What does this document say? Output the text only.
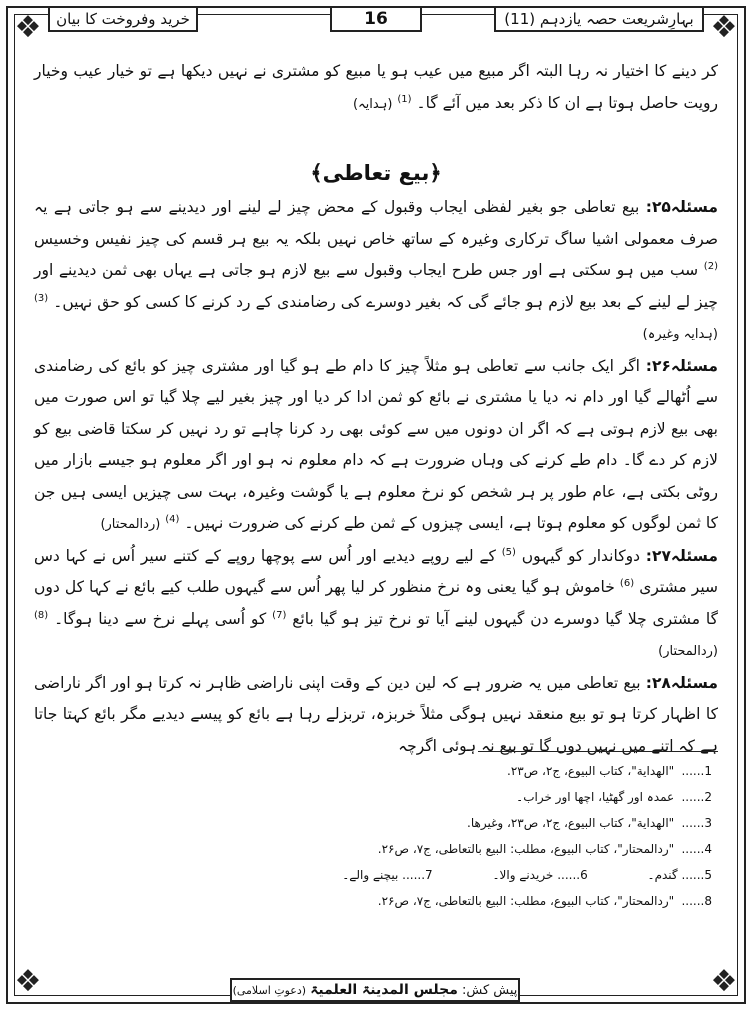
❖	❖
❖	❖
بہارِشریعت حصہ یازدہم (11)
16
خرید وفروخت کا بیان

کر دینے کا اختیار نہ رہا البتہ اگر مبیع میں عیب ہو یا مبیع کو مشتری نے نہیں دیکھا ہے تو خیار عیب وخیار رویت حاصل ہوتا ہے ان کا ذکر بعد میں آئے گا۔ $^{(1)}$ (ہدایہ)

﴿بیع تعاطی﴾

مسئلہ۲۵: بیع تعاطی جو بغیر لفظی ایجاب وقبول کے محض چیز لے لینے اور دیدینے سے ہو جاتی ہے یہ صرف معمولی اشیا ساگ ترکاری وغیرہ کے ساتھ خاص نہیں بلکہ یہ بیع ہر قسم کی چیز نفیس وخسیس $^{(2)}$ سب میں ہو سکتی ہے اور جس طرح ایجاب وقبول سے بیع لازم ہو جاتی ہے یہاں بھی ثمن دیدینے اور چیز لے لینے کے بعد بیع لازم ہو جائے گی کہ بغیر دوسرے کی رضامندی کے رد کرنے کا کسی کو حق نہیں۔ $^{(3)}$ (ہدایہ وغیرہ)

مسئلہ۲۶: اگر ایک جانب سے تعاطی ہو مثلاً چیز کا دام طے ہو گیا اور مشتری چیز کو بائع کی رضامندی سے اُٹھالے گیا اور دام نہ دیا یا مشتری نے بائع کو ثمن ادا کر دیا اور چیز بغیر لیے چلا گیا تو اس صورت میں بھی بیع لازم ہوتی ہے کہ اگر ان دونوں میں سے کوئی بھی رد کرنا چاہے تو رد نہیں کر سکتا قاضی بیع کو لازم کر دے گا۔ دام طے کرنے کی وہاں ضرورت ہے کہ دام معلوم نہ ہو اور اگر معلوم ہو جیسے بازار میں روٹی بکتی ہے، عام طور پر ہر شخص کو نرخ معلوم ہے یا گوشت وغیرہ، بہت سی چیزیں ایسی ہیں جن کا ثمن لوگوں کو معلوم ہوتا ہے، ایسی چیزوں کے ثمن طے کرنے کی ضرورت نہیں۔ $^{(4)}$ (ردالمحتار)

مسئلہ۲۷: دوکاندار کو گیہوں $^{(5)}$ کے لیے روپے دیدیے اور اُس سے پوچھا روپے کے کتنے سیر اُس نے کہا دس سیر مشتری $^{(6)}$ خاموش ہو گیا یعنی وہ نرخ منظور کر لیا پھر اُس سے گیہوں طلب کیے بائع نے کہا کل دوں گا مشتری چلا گیا دوسرے دن گیہوں لینے آیا تو نرخ تیز ہو گیا بائع $^{(7)}$ کو اُسی پہلے نرخ سے دینا ہوگا۔ $^{(8)}$ (ردالمحتار)

مسئلہ۲۸: بیع تعاطی میں یہ ضرور ہے کہ لین دین کے وقت اپنی ناراضی ظاہر نہ کرتا ہو اور اگر ناراضی کا اظہار کرتا ہو تو بیع منعقد نہیں ہوگی مثلاً خربزہ، تربزلے رہا ہے بائع کو پیسے دیدیے مگر بائع کہتا جاتا ہے کہ اتنے میں نہیں دوں گا تو بیع نہ ہوئی اگرچہ

1...... "الهداية"، كتاب البيوع، ج۲، ص۲۳.
2...... عمدہ اور گھٹیا، اچھا اور خراب۔
3...... "الهداية"، كتاب البيوع، ج۲، ص۲۳، وغيرها.
4...... "ردالمحتار"، كتاب البيوع، مطلب: البيع بالتعاطى، ج۷، ص۲۶.
5...... گندم۔ 6...... خریدنے والا۔ 7...... بیچنے والے۔
8...... "ردالمحتار"، كتاب البيوع، مطلب: البيع بالتعاطى، ج۷، ص۲۶.
پیش کش: مجلس المدینۃ العلمیۃ (دعوتِ اسلامی)
